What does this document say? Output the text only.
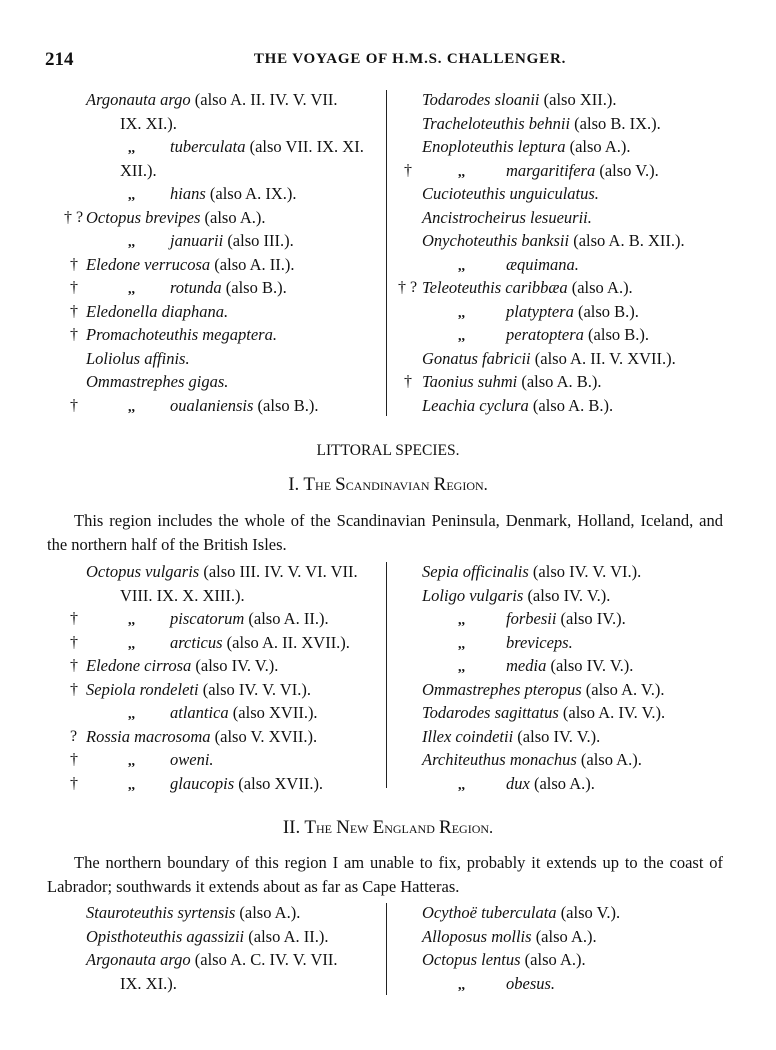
214	THE VOYAGE OF H.M.S. CHALLENGER.
Argonauta argo (also A. II. IV. V. VII.
IX. XI.).
,, tuberculata (also VII. IX. XI.
XII.).
,, hians (also A. IX.).
† ? Octopus brevipes (also A.).
,, januarii (also III.).
† Eledone verrucosa (also A. II.).
†	,, rotunda (also B.).
† Eledonella diaphana.
† Promachoteuthis megaptera.
Loliolus affinis.
Ommastrephes gigas.
†	,, oualaniensis (also B.).
Todarodes sloanii (also XII.).
Tracheloteuthis behnii (also B. IX.).
Enoploteuthis leptura (also A.).
†	,, margaritifera (also V.).
Cucioteuthis unguiculatus.
Ancistrocheirus lesueurii.
Onychoteuthis banksii (also A. B. XII.).
,, æquimana.
† ? Teleoteuthis caribbæa (also A.).
,, platyptera (also B.).
,, peratoptera (also B.).
Gonatus fabricii (also A. II. V. XVII.).
† Taonius suhmi (also A. B.).
Leachia cyclura (also A. B.).
LITTORAL SPECIES.
I. The Scandinavian Region.
This region includes the whole of the Scandinavian Peninsula, Denmark, Holland, Iceland, and the northern half of the British Isles.
Octopus vulgaris (also III. IV. V. VI. VII.
VIII. IX. X. XIII.).
†	,, piscatorum (also A. II.).
†	,, arcticus (also A. II. XVII.).
† Eledone cirrosa (also IV. V.).
† Sepiola rondeleti (also IV. V. VI.).
,, atlantica (also XVII.).
? Rossia macrosoma (also V. XVII.).
†	,, oweni.
†	,, glaucopis (also XVII.).
Sepia officinalis (also IV. V. VI.).
Loligo vulgaris (also IV. V.).
,, forbesii (also IV.).
,, breviceps.
,, media (also IV. V.).
Ommastrephes pteropus (also A. V.).
Todarodes sagittatus (also A. IV. V.).
Illex coindetii (also IV. V.).
Architeuthus monachus (also A.).
,, dux (also A.).
II. The New England Region.
The northern boundary of this region I am unable to fix, probably it extends up to the coast of Labrador; southwards it extends about as far as Cape Hatteras.
Stauroteuthis syrtensis (also A.).
Opisthoteuthis agassizii (also A. II.).
Argonauta argo (also A. C. IV. V. VII.
IX. XI.).
Ocythoë tuberculata (also V.).
Alloposus mollis (also A.).
Octopus lentus (also A.).
,, obesus.
